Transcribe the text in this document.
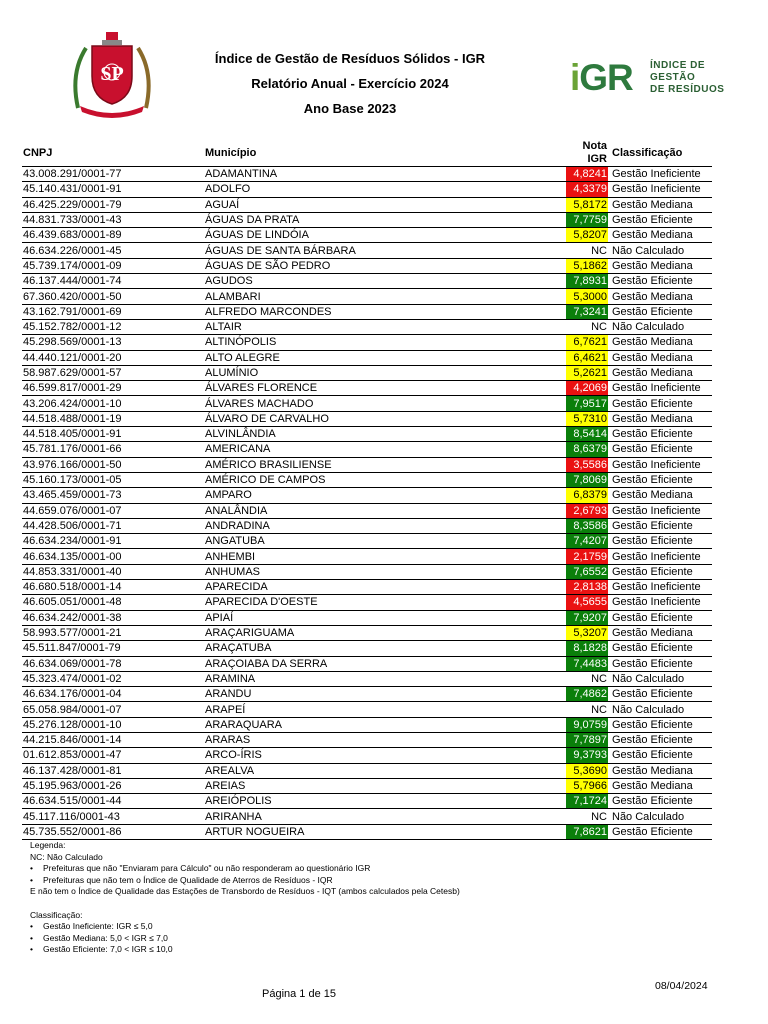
SP
Índice de Gestão de Resíduos Sólidos - IGR
Relatório Anual - Exercício 2024
Ano Base 2023
iGR ÍNDICE DE
GESTÃO
DE RESÍDUOS
CNPJ	Município	Nota IGR	Classificação
43.008.291/0001-77	ADAMANTINA	4,8241	Gestão Ineficiente
45.140.431/0001-91	ADOLFO	4,3379	Gestão Ineficiente
46.425.229/0001-79	AGUAÍ	5,8172	Gestão Mediana
44.831.733/0001-43	ÁGUAS DA PRATA	7,7759	Gestão Eficiente
46.439.683/0001-89	ÁGUAS DE LINDÓIA	5,8207	Gestão Mediana
46.634.226/0001-45	ÁGUAS DE SANTA BÁRBARA	NC	Não Calculado
45.739.174/0001-09	ÁGUAS DE SÃO PEDRO	5,1862	Gestão Mediana
46.137.444/0001-74	AGUDOS	7,8931	Gestão Eficiente
67.360.420/0001-50	ALAMBARI	5,3000	Gestão Mediana
43.162.791/0001-69	ALFREDO MARCONDES	7,3241	Gestão Eficiente
45.152.782/0001-12	ALTAIR	NC	Não Calculado
45.298.569/0001-13	ALTINÓPOLIS	6,7621	Gestão Mediana
44.440.121/0001-20	ALTO ALEGRE	6,4621	Gestão Mediana
58.987.629/0001-57	ALUMÍNIO	5,2621	Gestão Mediana
46.599.817/0001-29	ÁLVARES FLORENCE	4,2069	Gestão Ineficiente
43.206.424/0001-10	ÁLVARES MACHADO	7,9517	Gestão Eficiente
44.518.488/0001-19	ÁLVARO DE CARVALHO	5,7310	Gestão Mediana
44.518.405/0001-91	ALVINLÂNDIA	8,5414	Gestão Eficiente
45.781.176/0001-66	AMERICANA	8,6379	Gestão Eficiente
43.976.166/0001-50	AMÉRICO BRASILIENSE	3,5586	Gestão Ineficiente
45.160.173/0001-05	AMÉRICO DE CAMPOS	7,8069	Gestão Eficiente
43.465.459/0001-73	AMPARO	6,8379	Gestão Mediana
44.659.076/0001-07	ANALÂNDIA	2,6793	Gestão Ineficiente
44.428.506/0001-71	ANDRADINA	8,3586	Gestão Eficiente
46.634.234/0001-91	ANGATUBA	7,4207	Gestão Eficiente
46.634.135/0001-00	ANHEMBI	2,1759	Gestão Ineficiente
44.853.331/0001-40	ANHUMAS	7,6552	Gestão Eficiente
46.680.518/0001-14	APARECIDA	2,8138	Gestão Ineficiente
46.605.051/0001-48	APARECIDA D'OESTE	4,5655	Gestão Ineficiente
46.634.242/0001-38	APIAÍ	7,9207	Gestão Eficiente
58.993.577/0001-21	ARAÇARIGUAMA	5,3207	Gestão Mediana
45.511.847/0001-79	ARAÇATUBA	8,1828	Gestão Eficiente
46.634.069/0001-78	ARAÇOIABA DA SERRA	7,4483	Gestão Eficiente
45.323.474/0001-02	ARAMINA	NC	Não Calculado
46.634.176/0001-04	ARANDU	7,4862	Gestão Eficiente
65.058.984/0001-07	ARAPEÍ	NC	Não Calculado
45.276.128/0001-10	ARARAQUARA	9,0759	Gestão Eficiente
44.215.846/0001-14	ARARAS	7,7897	Gestão Eficiente
01.612.853/0001-47	ARCO-ÍRIS	9,3793	Gestão Eficiente
46.137.428/0001-81	AREALVA	5,3690	Gestão Mediana
45.195.963/0001-26	AREIAS	5,7966	Gestão Mediana
46.634.515/0001-44	AREIÓPOLIS	7,1724	Gestão Eficiente
45.117.116/0001-43	ARIRANHA	NC	Não Calculado
45.735.552/0001-86	ARTUR NOGUEIRA	7,8621	Gestão Eficiente
Legenda:
NC: Não Calculado
• Prefeituras que não "Enviaram para Cálculo" ou não responderam ao questionário IGR
• Prefeituras que não tem o Índice de Qualidade de Aterros de Resíduos - IQR
E não tem o Índice de Qualidade das Estações de Transbordo de Resíduos - IQT (ambos calculados pela Cetesb)
Classificação:
• Gestão Ineficiente: IGR ≤ 5,0
• Gestão Mediana: 5,0 < IGR ≤ 7,0
• Gestão Eficiente: 7,0 < IGR ≤ 10,0
Página 1 de 15
08/04/2024
